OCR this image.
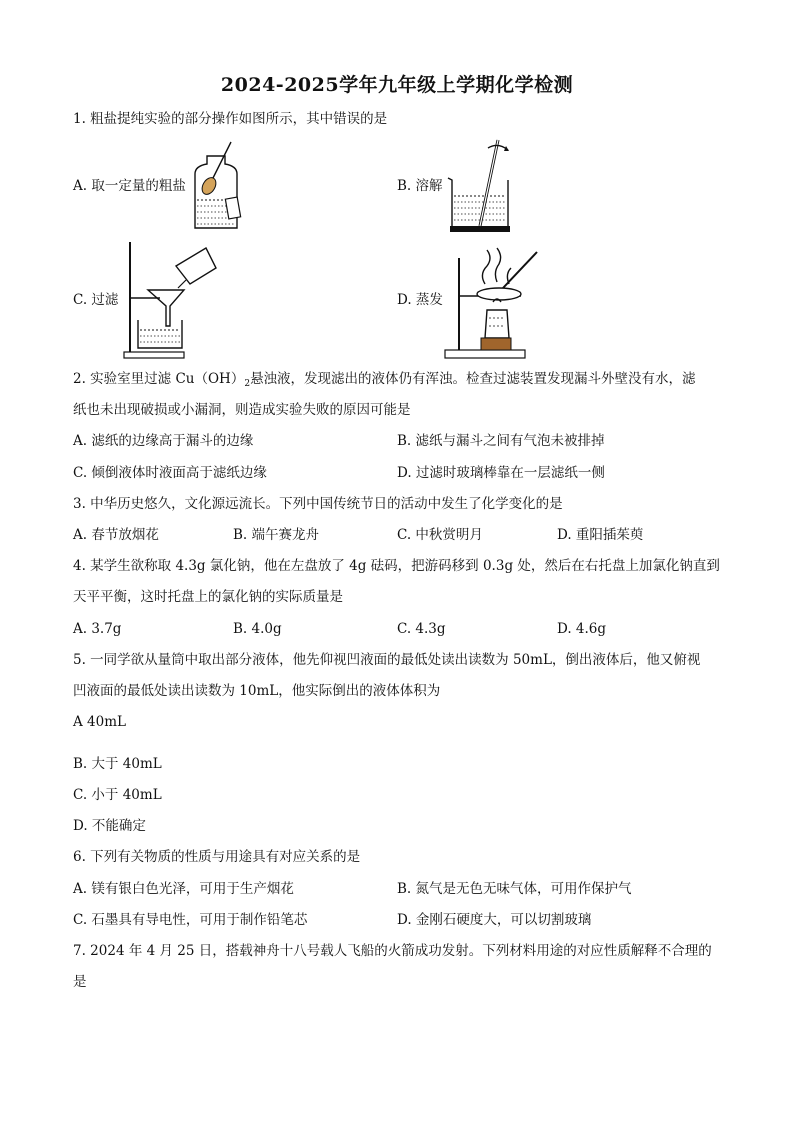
2024-2025学年九年级上学期化学检测
1. 粗盐提纯实验的部分操作如图所示，其中错误的是
A. 取一定量的粗盐	B. 溶解
C. 过滤	D. 蒸发
2. 实验室里过滤 $Cu(OH)_2$悬浊液，发现滤出的液体仍有浑浊。检查过滤装置发现漏斗外壁没有水，滤
纸也未出现破损或小漏洞，则造成实验失败的原因可能是
A. 滤纸的边缘高于漏斗的边缘	B. 滤纸与漏斗之间有气泡未被排掉
C. 倾倒液体时液面高于滤纸边缘	D. 过滤时玻璃棒靠在一层滤纸一侧
3. 中华历史悠久，文化源远流长。下列中国传统节日的活动中发生了化学变化的是
A. 春节放烟花	B. 端午赛龙舟	C. 中秋赏明月	D. 重阳插茱萸
4. 某学生欲称取 4.3g 氯化钠，他在左盘放了 4g 砝码，把游码移到 0.3g 处，然后在右托盘上加氯化钠直到
天平平衡，这时托盘上的氯化钠的实际质量是
A. 3.7g	B. 4.0g	C. 4.3g	D. 4.6g
5. 一同学欲从量筒中取出部分液体，他先仰视凹液面的最低处读出读数为 50mL，倒出液体后，他又俯视
凹液面的最低处读出读数为 10mL，他实际倒出的液体体积为
A 40mL
B. 大于 40mL
C. 小于 40mL
D. 不能确定
6. 下列有关物质的性质与用途具有对应关系的是
A. 镁有银白色光泽，可用于生产烟花	B. 氮气是无色无味气体，可用作保护气
C. 石墨具有导电性，可用于制作铅笔芯	D. 金刚石硬度大，可以切割玻璃
7. 2024 年 4 月 25 日，搭载神舟十八号载人飞船的火箭成功发射。下列材料用途的对应性质解释不合理的
是
